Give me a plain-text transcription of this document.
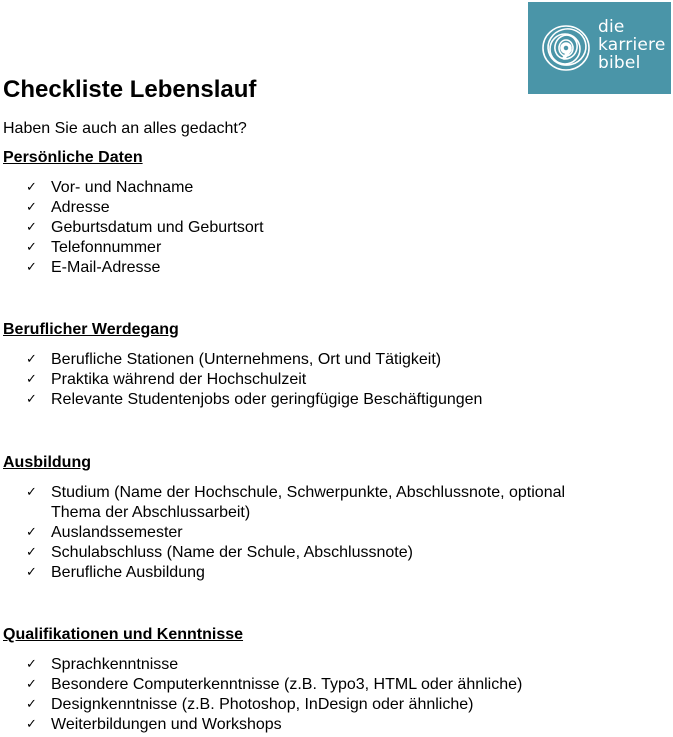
die
karriere
bibel
Checkliste Lebenslauf

Haben Sie auch an alles gedacht?

Persönliche Daten
✓ Vor- und Nachname
✓ Adresse
✓ Geburtsdatum und Geburtsort
✓ Telefonnummer
✓ E-Mail-Adresse
Beruflicher Werdegang
✓ Berufliche Stationen (Unternehmens, Ort und Tätigkeit)
✓ Praktika während der Hochschulzeit
✓ Relevante Studentenjobs oder geringfügige Beschäftigungen
Ausbildung
✓ Studium (Name der Hochschule, Schwerpunkte, Abschlussnote, optional Thema der Abschlussarbeit)
✓ Auslandssemester
✓ Schulabschluss (Name der Schule, Abschlussnote)
✓ Berufliche Ausbildung
Qualifikationen und Kenntnisse
✓ Sprachkenntnisse
✓ Besondere Computerkenntnisse (z.B. Typo3, HTML oder ähnliche)
✓ Designkenntnisse (z.B. Photoshop, InDesign oder ähnliche)
✓ Weiterbildungen und Workshops
